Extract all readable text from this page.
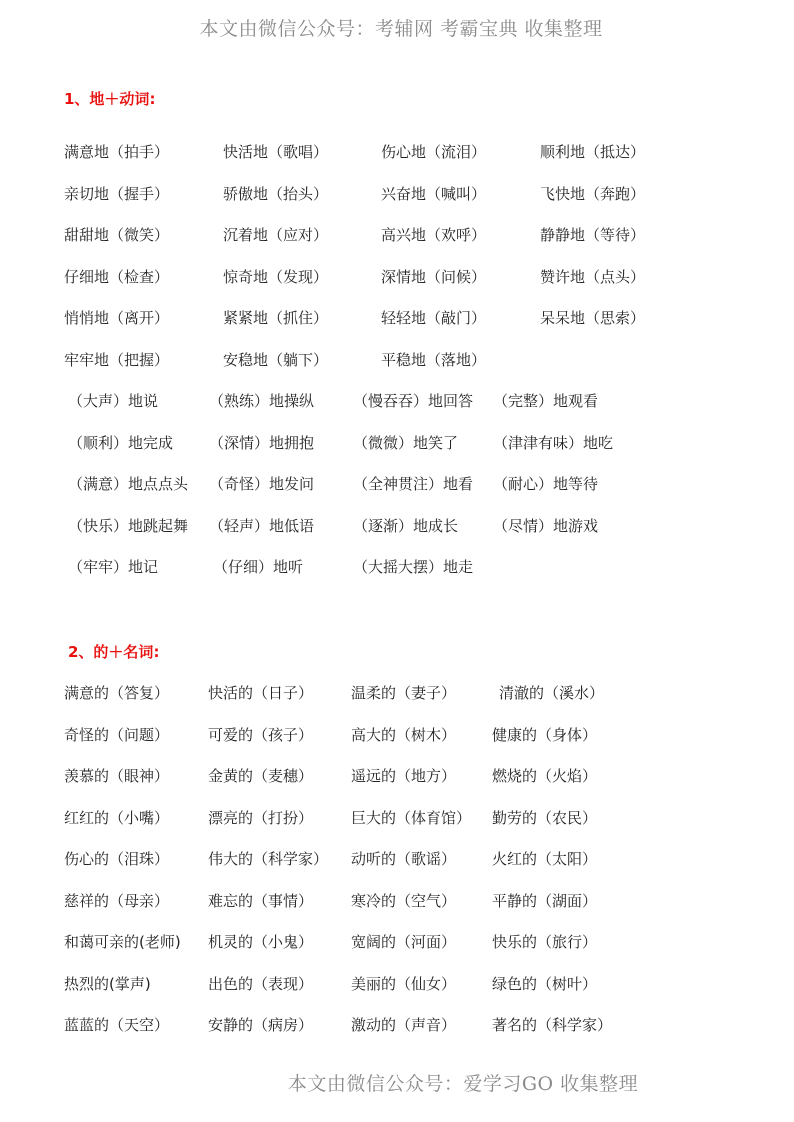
本文由微信公众号：考辅网 考霸宝典 收集整理
1、地＋动词:
满意地（拍手）	快活地（歌唱）	伤心地（流泪）	顺利地（抵达）
亲切地（握手）	骄傲地（抬头）	兴奋地（喊叫）	飞快地（奔跑）
甜甜地（微笑）	沉着地（应对）	高兴地（欢呼）	静静地（等待）
仔细地（检查）	惊奇地（发现）	深情地（问候）	赞许地（点头）
悄悄地（离开）	紧紧地（抓住）	轻轻地（敲门）	呆呆地（思索）
牢牢地（把握）	安稳地（躺下）	平稳地（落地）
（大声）地说	（熟练）地操纵	（慢吞吞）地回答 （完整）地观看
（顺利）地完成 （深情）地拥抱	（微微）地笑了 （津津有味）地吃
（满意）地点点头 （奇怪）地发问	（全神贯注）地看 （耐心）地等待
（快乐）地跳起舞 （轻声）地低语	（逐渐）地成长 （尽情）地游戏
（牢牢）地记	（仔细）地听	（大摇大摆）地走
2、的＋名词:
满意的（答复）	快活的（日子）	温柔的（妻子）	清澈的（溪水）
奇怪的（问题）	可爱的（孩子）	高大的（树木） 健康的（身体）
羡慕的（眼神）	金黄的（麦穗）	遥远的（地方） 燃烧的（火焰）
红红的（小嘴）	漂亮的（打扮）	巨大的（体育馆） 勤劳的（农民）
伤心的（泪珠）	伟大的（科学家） 动听的（歌谣） 火红的（太阳）
慈祥的（母亲）	难忘的（事情）	寒冷的（空气） 平静的（湖面）
和蔼可亲的(老师) 机灵的（小鬼）	宽阔的（河面） 快乐的（旅行）
热烈的(掌声)	出色的（表现）	美丽的（仙女） 绿色的（树叶）
蓝蓝的（天空）	安静的（病房）	激动的（声音） 著名的（科学家）
本文由微信公众号：爱学习GO 收集整理
